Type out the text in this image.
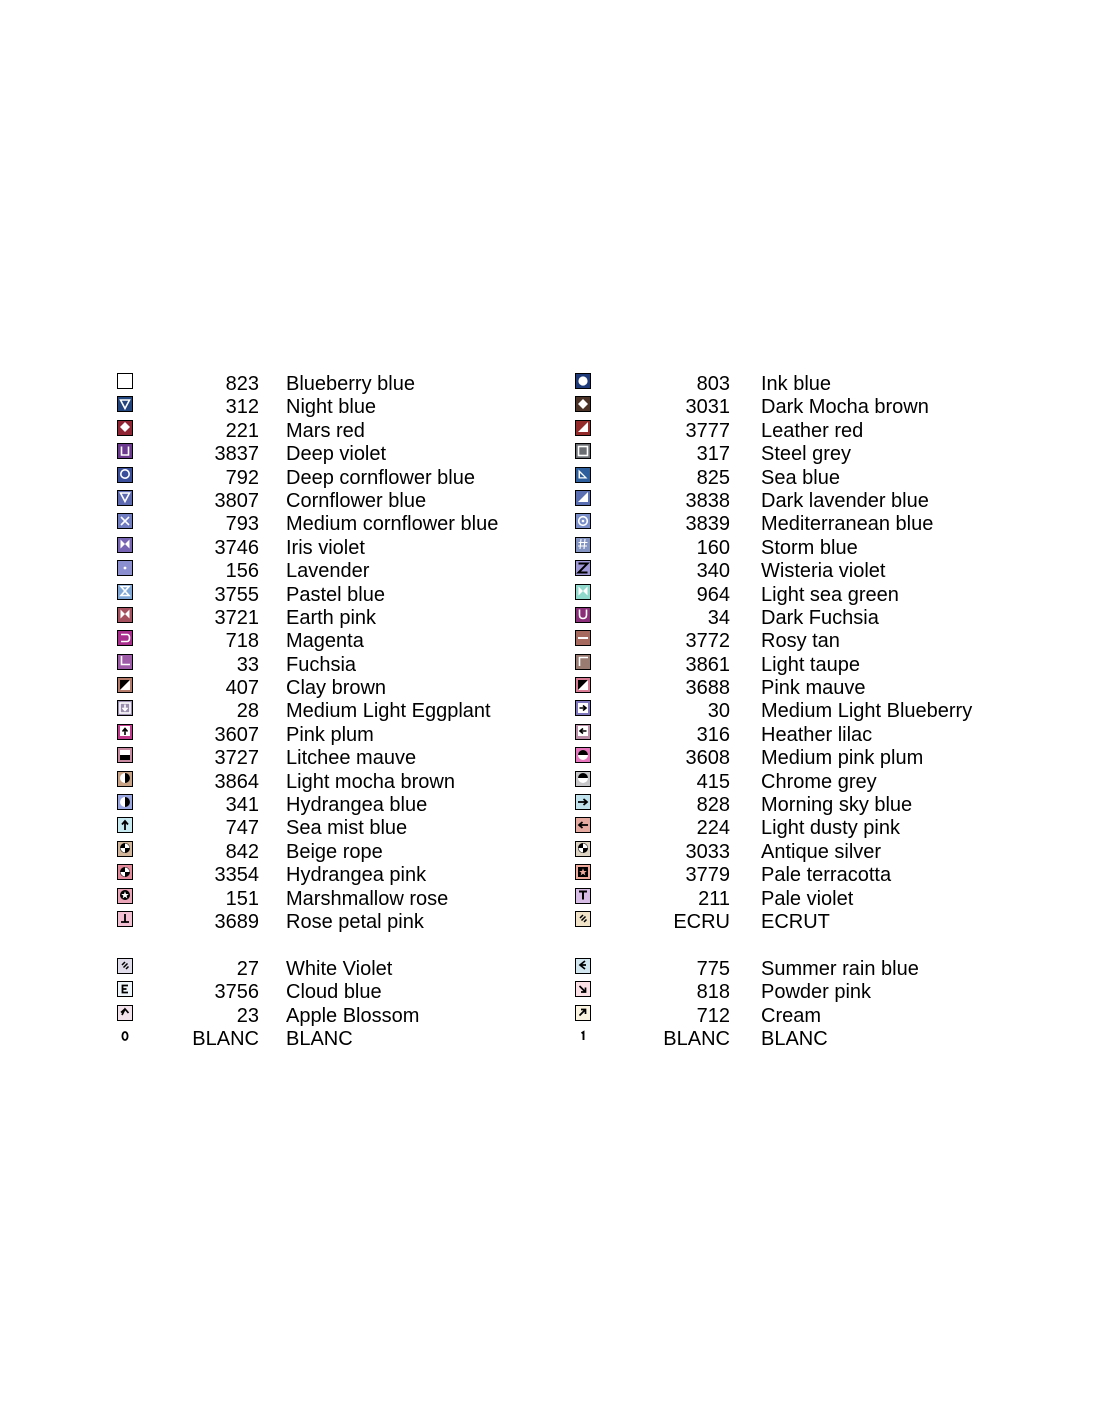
823 Blueberry blue
312 Night blue
221 Mars red
3837 Deep violet
792 Deep cornflower blue
3807 Cornflower blue
793 Medium cornflower blue
3746 Iris violet
156 Lavender
3755 Pastel blue
3721 Earth pink
718 Magenta
33 Fuchsia
407 Clay brown
28 Medium Light Eggplant
3607 Pink plum
3727 Litchee mauve
3864 Light mocha brown
341 Hydrangea blue
747 Sea mist blue
842 Beige rope
3354 Hydrangea pink
151 Marshmallow rose
3689 Rose petal pink
27 White Violet
3756 Cloud blue
23 Apple Blossom
BLANC BLANC
803 Ink blue
3031 Dark Mocha brown
3777 Leather red
317 Steel grey
825 Sea blue
3838 Dark lavender blue
3839 Mediterranean blue
160 Storm blue
340 Wisteria violet
964 Light sea green
34 Dark Fuchsia
3772 Rosy tan
3861 Light taupe
3688 Pink mauve
30 Medium Light Blueberry
316 Heather lilac
3608 Medium pink plum
415 Chrome grey
828 Morning sky blue
224 Light dusty pink
3033 Antique silver
3779 Pale terracotta
211 Pale violet
ECRU ECRUT
775 Summer rain blue
818 Powder pink
712 Cream
BLANC BLANC
